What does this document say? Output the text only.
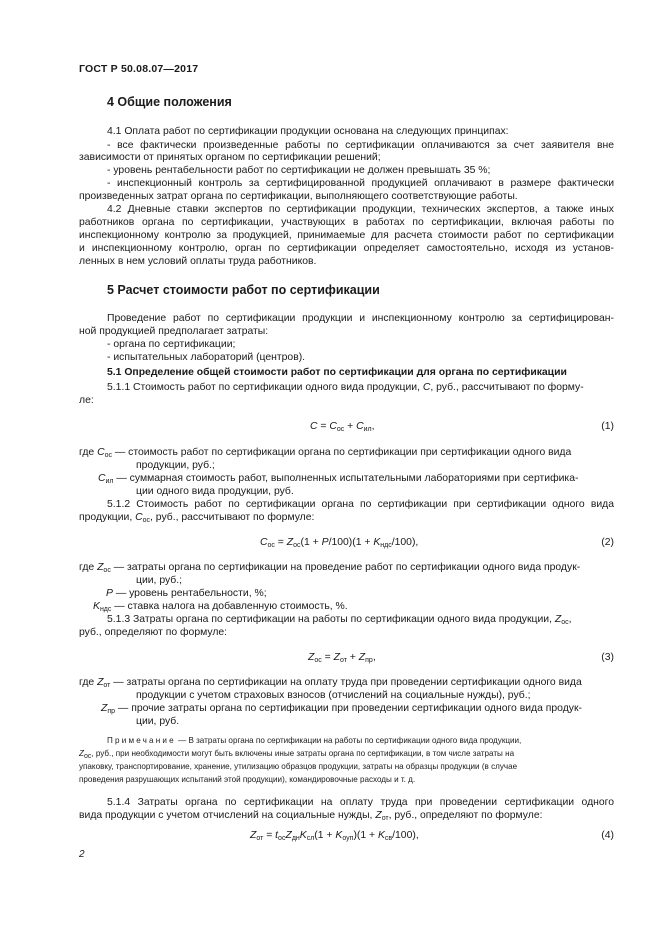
ГОСТ Р 50.08.07—2017
4 Общие положения
4.1 Оплата работ по сертификации продукции основана на следующих принципах:
- все фактически произведенные работы по сертификации оплачиваются за счет заявителя вне
зависимости от принятых органом по сертификации решений;
- уровень рентабельности работ по сертификации не должен превышать 35 %;
- инспекционный контроль за сертифицированной продукцией оплачивают в размере фактически
произведенных затрат органа по сертификации, выполняющего соответствующие работы.
4.2 Дневные ставки экспертов по сертификации продукции, технических экспертов, а также иных
работников органа по сертификации, участвующих в работах по сертификации, включая работы по
инспекционному контролю за продукцией, принимаемые для расчета стоимости работ по сертификации
и инспекционному контролю, орган по сертификации определяет самостоятельно, исходя из установ-
ленных в нем условий оплаты труда работников.
5 Расчет стоимости работ по сертификации
Проведение работ по сертификации продукции и инспекционному контролю за сертифицирован-
ной продукцией предполагает затраты:
- органа по сертификации;
- испытательных лабораторий (центров).
5.1 Определение общей стоимости работ по сертификации для органа по сертификации
5.1.1 Стоимость работ по сертификации одного вида продукции, C, руб., рассчитывают по форму-
ле:
$C = C_{ос} + C_{ил}$,	(1)
где $C_{ос}$ — стоимость работ по сертификации органа по сертификации при сертификации одного вида
продукции, руб.;
$C_{ил}$ — суммарная стоимость работ, выполненных испытательными лабораториями при сертифика-
ции одного вида продукции, руб.
5.1.2 Стоимость работ по сертификации органа по сертификации при сертификации одного вида
продукции, $C_{ос}$, руб., рассчитывают по формуле:
$C_{ос} = Z_{ос}(1 + P/100)(1 + K_{ндс}/100)$,	(2)
где $Z_{ос}$ — затраты органа по сертификации на проведение работ по сертификации одного вида продук-
ции, руб.;
P — уровень рентабельности, %;
$K_{ндс}$ — ставка налога на добавленную стоимость, %.
5.1.3 Затраты органа по сертификации на работы по сертификации одного вида продукции, $Z_{ос}$,
руб., определяют по формуле:
$Z_{ос} = Z_{от} + Z_{пр}$,	(3)
где $Z_{от}$ — затраты органа по сертификации на оплату труда при проведении сертификации одного вида
продукции с учетом страховых взносов (отчислений на социальные нужды), руб.;
$Z_{пр}$ — прочие затраты органа по сертификации при проведении сертификации одного вида продук-
ции, руб.
Примечание — В затраты органа по сертификации на работы по сертификации одного вида продукции,
$Z_{ос}$, руб., при необходимости могут быть включены иные затраты органа по сертификации, в том числе затраты на
упаковку, транспортирование, хранение, утилизацию образцов продукции, затраты на образцы продукции (в случае
проведения разрушающих испытаний этой продукции), командировочные расходы и т. д.
5.1.4 Затраты органа по сертификации на оплату труда при проведении сертификации одного
вида продукции с учетом отчислений на социальные нужды, $Z_{от}$, руб., определяют по формуле:
$Z_{от} = t_{ос}Z_{дн}K_{сл}(1 + K_{оуп})(1 + K_{св}/100)$,	(4)
2
